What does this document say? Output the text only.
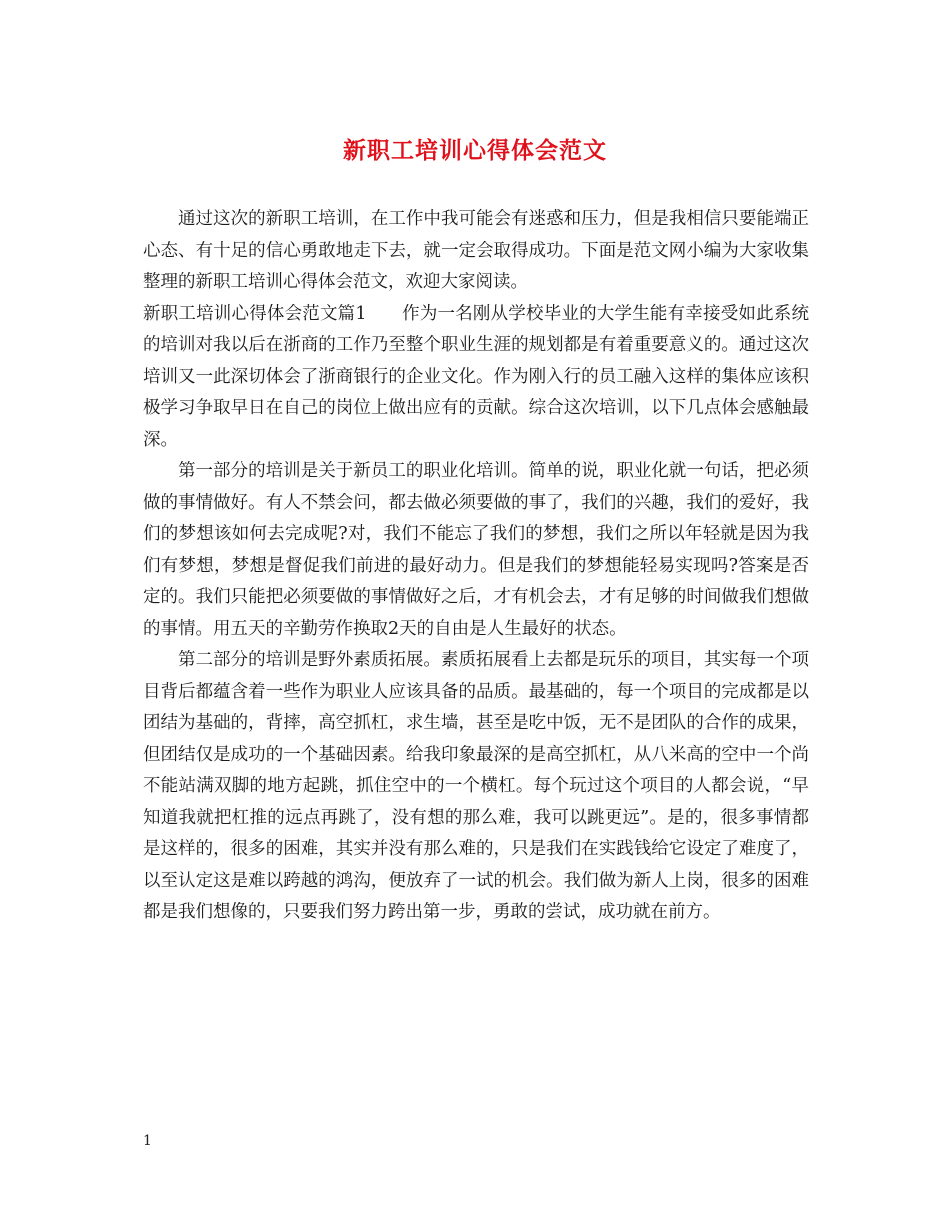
新职工培训心得体会范文

通过这次的新职工培训，在工作中我可能会有迷惑和压力，但是我相信只要能端正心态、有十足的信心勇敢地走下去，就一定会取得成功。下面是范文网小编为大家收集整理的新职工培训心得体会范文，欢迎大家阅读。

新职工培训心得体会范文篇1　　作为一名刚从学校毕业的大学生能有幸接受如此系统的培训对我以后在浙商的工作乃至整个职业生涯的规划都是有着重要意义的。通过这次培训又一此深切体会了浙商银行的企业文化。作为刚入行的员工融入这样的集体应该积极学习争取早日在自己的岗位上做出应有的贡献。综合这次培训，以下几点体会感触最深。

第一部分的培训是关于新员工的职业化培训。简单的说，职业化就一句话，把必须做的事情做好。有人不禁会问，都去做必须要做的事了，我们的兴趣，我们的爱好，我们的梦想该如何去完成呢?对，我们不能忘了我们的梦想，我们之所以年轻就是因为我们有梦想，梦想是督促我们前进的最好动力。但是我们的梦想能轻易实现吗?答案是否定的。我们只能把必须要做的事情做好之后，才有机会去，才有足够的时间做我们想做的事情。用五天的辛勤劳作换取2天的自由是人生最好的状态。

第二部分的培训是野外素质拓展。素质拓展看上去都是玩乐的项目，其实每一个项目背后都蕴含着一些作为职业人应该具备的品质。最基础的，每一个项目的完成都是以团结为基础的，背摔，高空抓杠，求生墙，甚至是吃中饭，无不是团队的合作的成果，但团结仅是成功的一个基础因素。给我印象最深的是高空抓杠，从八米高的空中一个尚不能站满双脚的地方起跳，抓住空中的一个横杠。每个玩过这个项目的人都会说，“早知道我就把杠推的远点再跳了，没有想的那么难，我可以跳更远”。是的，很多事情都是这样的，很多的困难，其实并没有那么难的，只是我们在实践钱给它设定了难度了，以至认定这是难以跨越的鸿沟，便放弃了一试的机会。我们做为新人上岗，很多的困难都是我们想像的，只要我们努力跨出第一步，勇敢的尝试，成功就在前方。

1
